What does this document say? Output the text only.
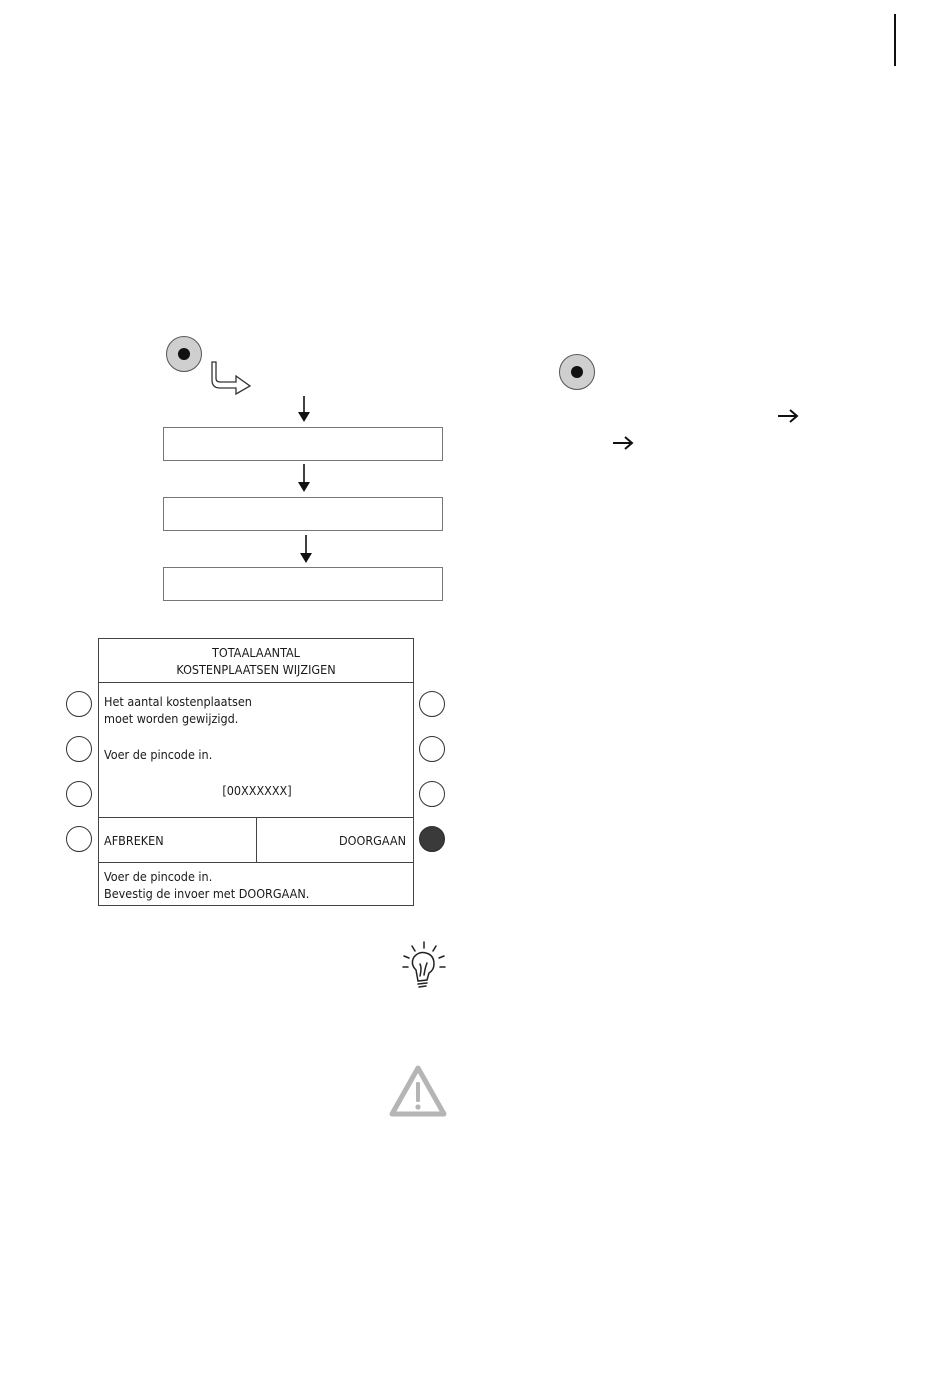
TOTAALAANTAL
KOSTENPLAATSEN WIJZIGEN
Het aantal kostenplaatsen
moet worden gewijzigd.
Voer de pincode in.
[00XXXXXX]
AFBREKEN	DOORGAAN
Voer de pincode in.
Bevestig de invoer met DOORGAAN.
